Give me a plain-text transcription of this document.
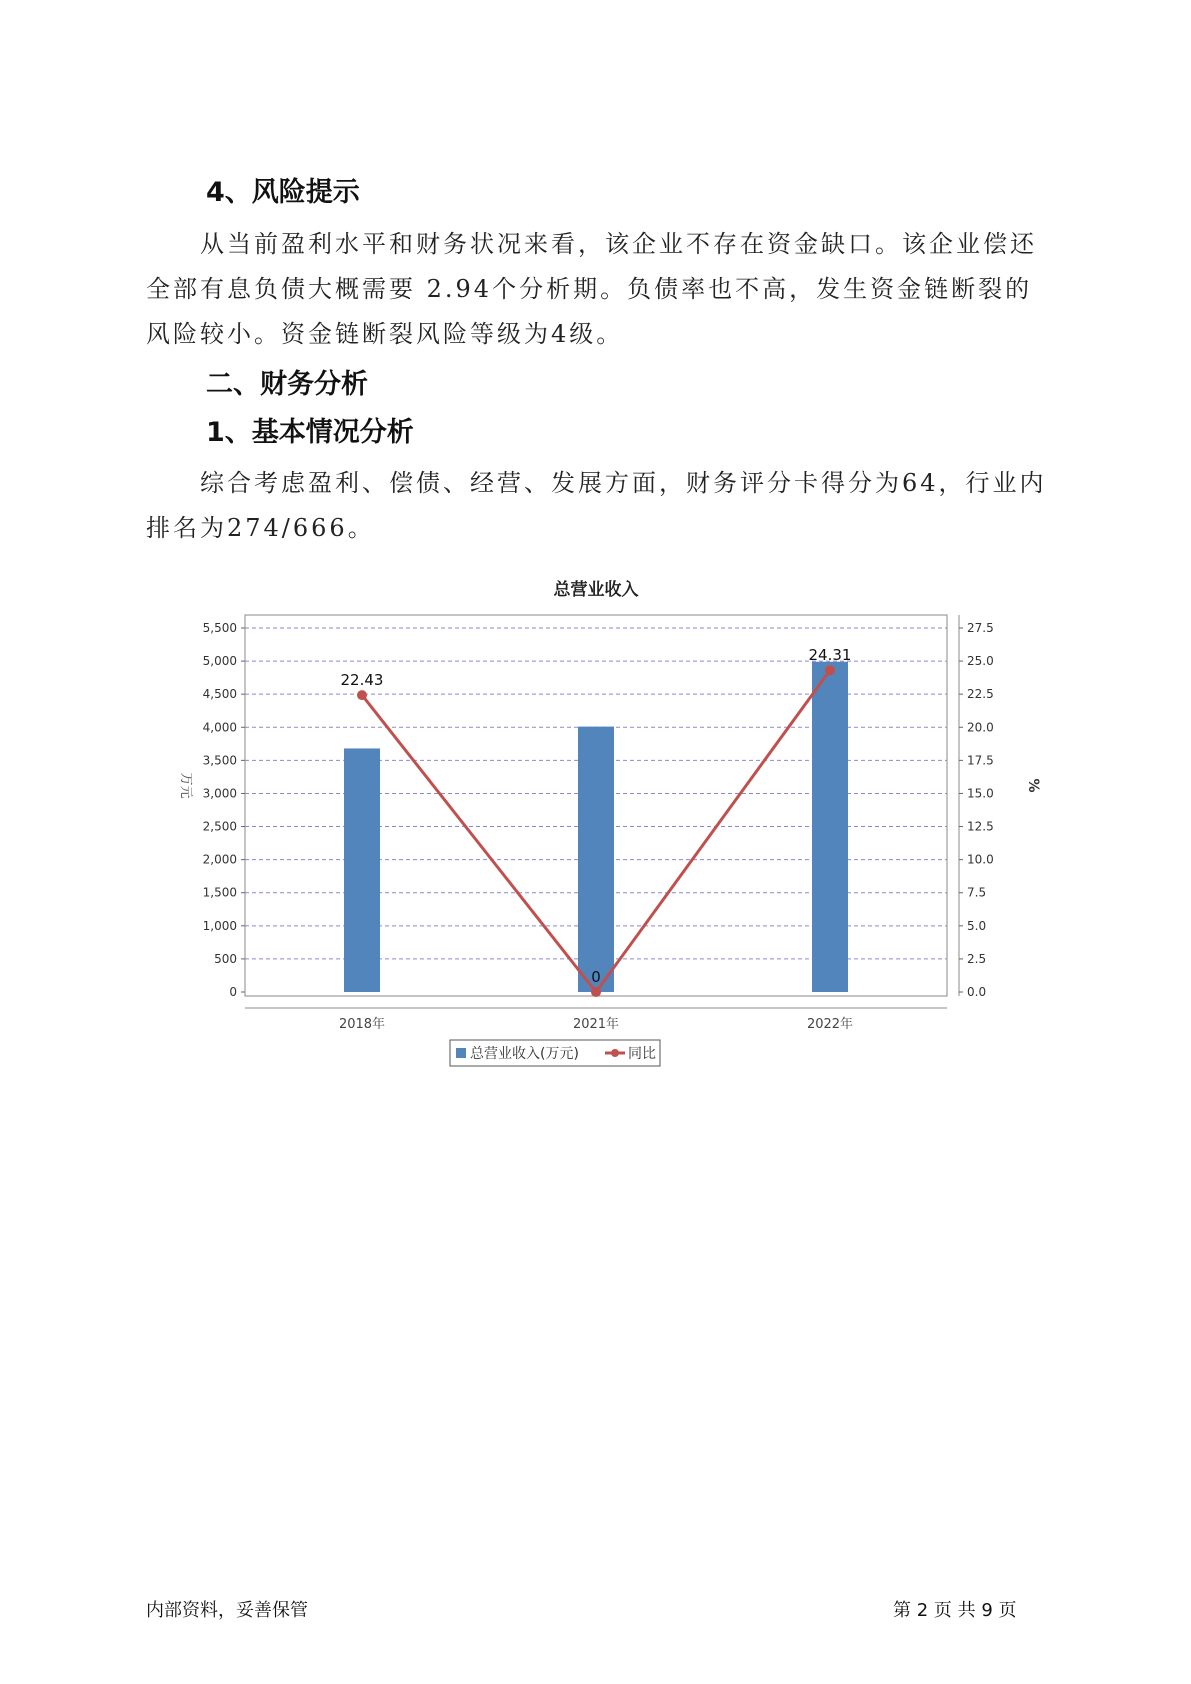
4、风险提示

从当前盈利水平和财务状况来看，该企业不存在资金缺口。该企业偿还全部有息负债大概需要 2.94个分析期。负债率也不高，发生资金链断裂的风险较小。资金链断裂风险等级为4级。

二、财务分析
1、基本情况分析

综合考虑盈利、偿债、经营、发展方面，财务评分卡得分为64，行业内排名为274/666。

总营业收入
0
500
1,000
1,500
2,000
2,500
3,000
3,500
4,000
4,500
5,000
5,500
0.0
2.5
5.0
7.5
10.0
12.5
15.0
17.5
20.0
22.5
25.0
27.5
万元	%
2018年	2021年	2022年
22.43
0
24.31
总营业收入(万元)	同比
内部资料，妥善保管	第 2 页 共 9 页
